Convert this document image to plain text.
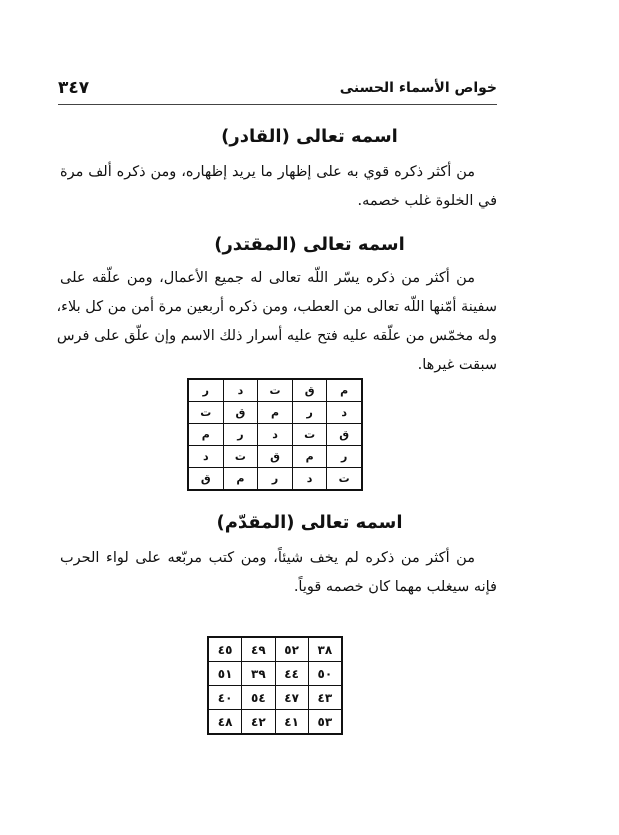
٣٤٧	خواص الأسماء الحسنى
اسمه تعالى (القادر)
من أكثر ذكره قوي به على إظهار ما يريد إظهاره، ومن ذكره ألف مرة
في الخلوة غلب خصمه.
اسمه تعالى (المقتدر)
من أكثر من ذكره يسّر اللّه تعالى له جميع الأعمال، ومن علّقه على
سفينة أمّنها اللّه تعالى من العطب، ومن ذكره أربعين مرة أمن من كل بلاء،
وله مخمّس من علّقه عليه فتح عليه أسرار ذلك الاسم وإن علّق على فرس
سبقت غيرها.
م	ق	ت	د	ر
د	ر	م	ق	ت
ق	ت	د	ر	م
ر	م	ق	ت	د
ت	د	ر	م	ق
اسمه تعالى (المقدّم)
من أكثر من ذكره لم يخف شيئاً، ومن كتب مربّعه على لواء الحرب
فإنه سيغلب مهما كان خصمه قوياً.
٣٨	٥٢	٤٩	٤٥
٥٠	٤٤	٣٩	٥١
٤٣	٤٧	٥٤	٤٠
٥٣	٤١	٤٢	٤٨
